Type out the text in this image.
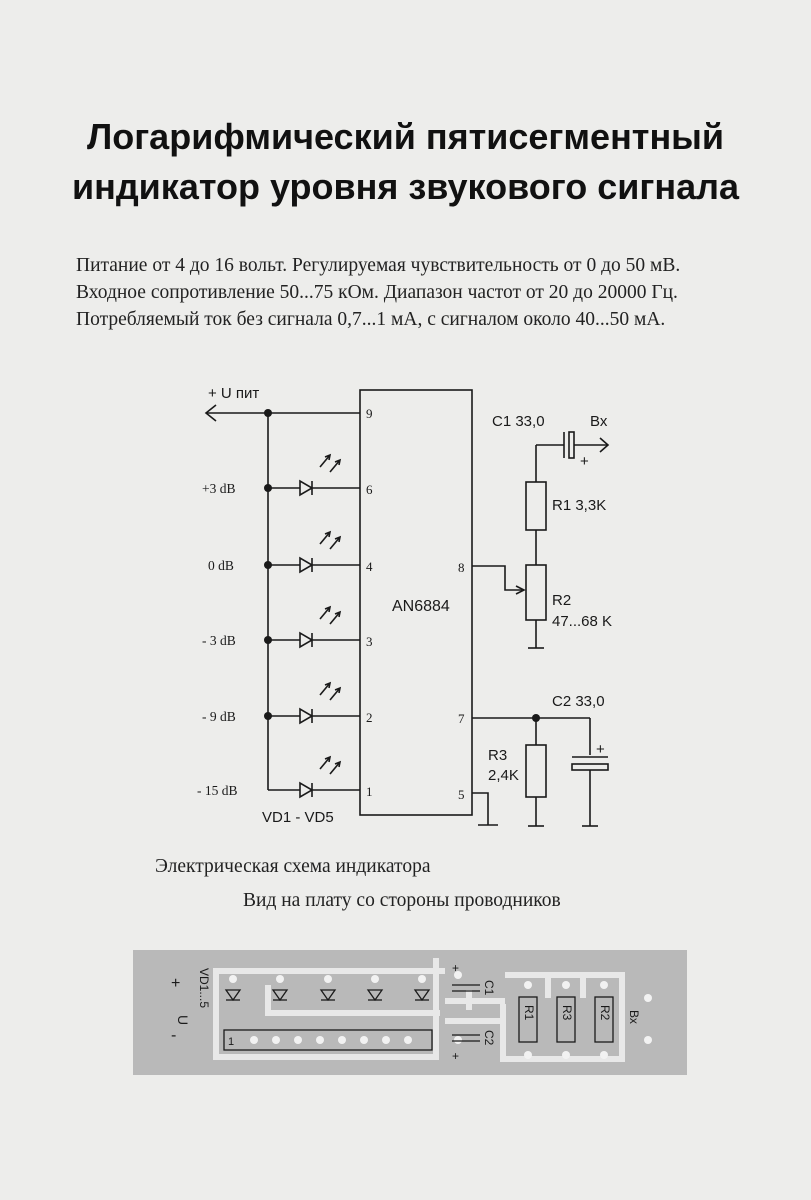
Логарифмический пятисегментный
индикатор уровня звукового сигнала
Питание от 4 до 16 вольт. Регулируемая чувствительность от 0 до 50 мВ.
Входное сопротивление 50...75 кОм. Диапазон частот от 20 до 20000 Гц.
Потребляемый ток без сигнала 0,7...1 мА, с сигналом около 40...50 мА.
+ U пит
AN6884
+3 dB
0 dB
- 3 dB
- 9 dB
- 15 dB
VD1 - VD5
9
6
4
3
2
1
8
7
5
C1 33,0	Вх
+
R1 3,3K
R2
47...68 K
C2 33,0
+
R3
2,4K
Электрическая схема индикатора
Вид на плату со стороны проводников
+
U
-
VD1...5
1
C1
C2
+
+
R1 R3 R2 Вх
